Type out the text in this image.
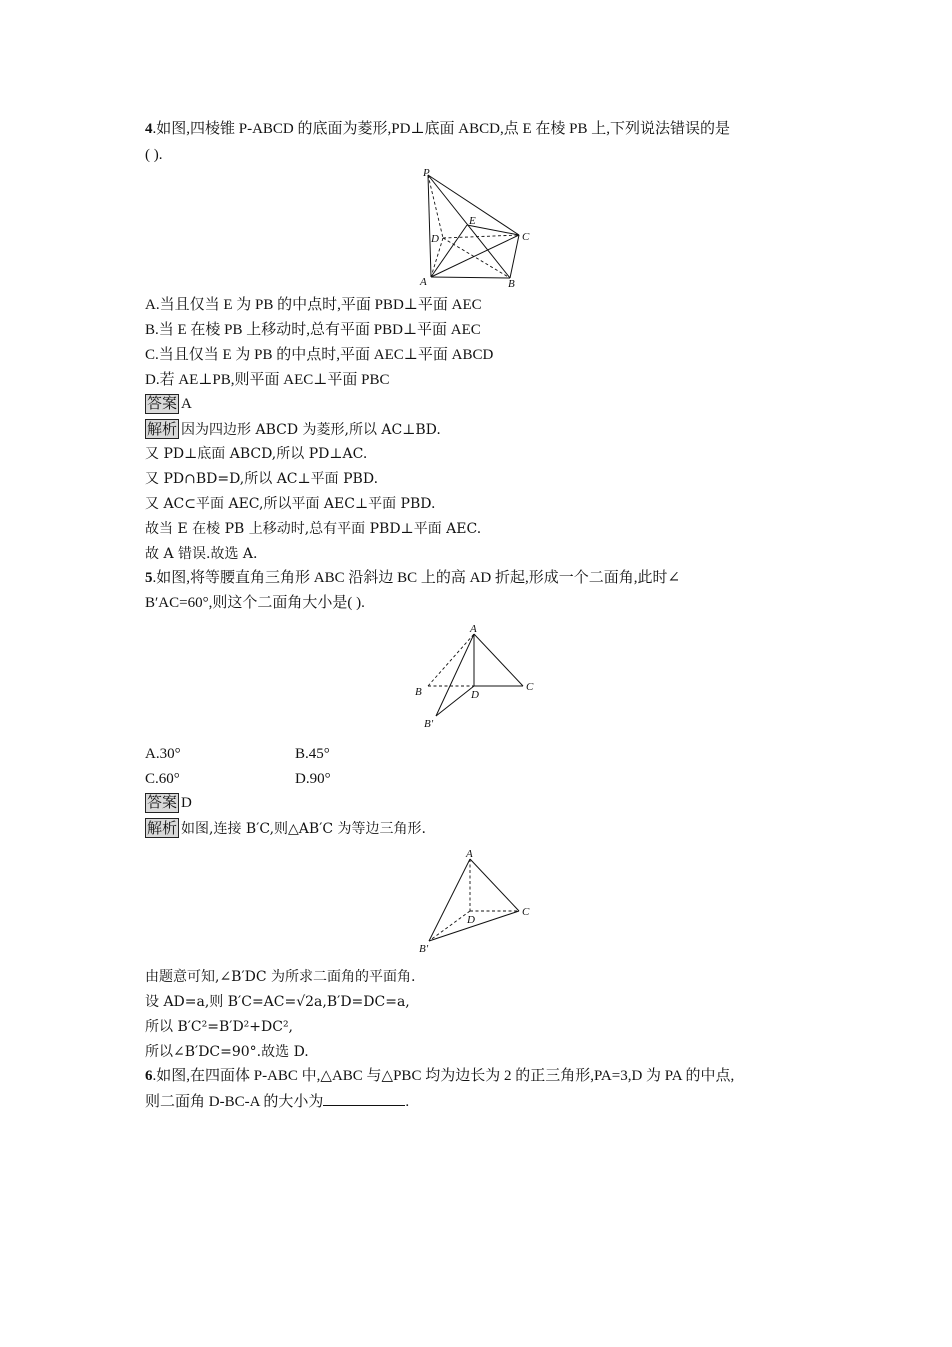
4.如图,四棱锥 P-ABCD 的底面为菱形,PD⊥底面 ABCD,点 E 在棱 PB 上,下列说法错误的是
( ).
P
E
D	C
A	B
A.当且仅当 E 为 PB 的中点时,平面 PBD⊥平面 AEC
B.当 E 在棱 PB 上移动时,总有平面 PBD⊥平面 AEC
C.当且仅当 E 为 PB 的中点时,平面 AEC⊥平面 ABCD
D.若 AE⊥PB,则平面 AEC⊥平面 PBC
答案 A
解析 因为四边形 ABCD 为菱形,所以 AC⊥BD.
又 PD⊥底面 ABCD,所以 PD⊥AC.
又 PD∩BD=D,所以 AC⊥平面 PBD.
又 AC⊂平面 AEC,所以平面 AEC⊥平面 PBD.
故当 E 在棱 PB 上移动时,总有平面 PBD⊥平面 AEC.
故 A 错误.故选 A.
5.如图,将等腰直角三角形 ABC 沿斜边 BC 上的高 AD 折起,形成一个二面角,此时∠
B′AC=60°,则这个二面角大小是( ).
A
B	D
C
B′
A.30°	B.45°
C.60°	D.90°
答案 D
解析 如图,连接 B′C,则△AB′C 为等边三角形.
A
D
C
B′
由题意可知,∠B′DC 为所求二面角的平面角.
设 AD=a,则 B′C=AC=√2a,B′D=DC=a,
所以 B′C²=B′D²+DC²,
所以∠B′DC=90°.故选 D.
6.如图,在四面体 P-ABC 中,△ABC 与△PBC 均为边长为 2 的正三角形,PA=3,D 为 PA 的中点,
则二面角 D-BC-A 的大小为	.
